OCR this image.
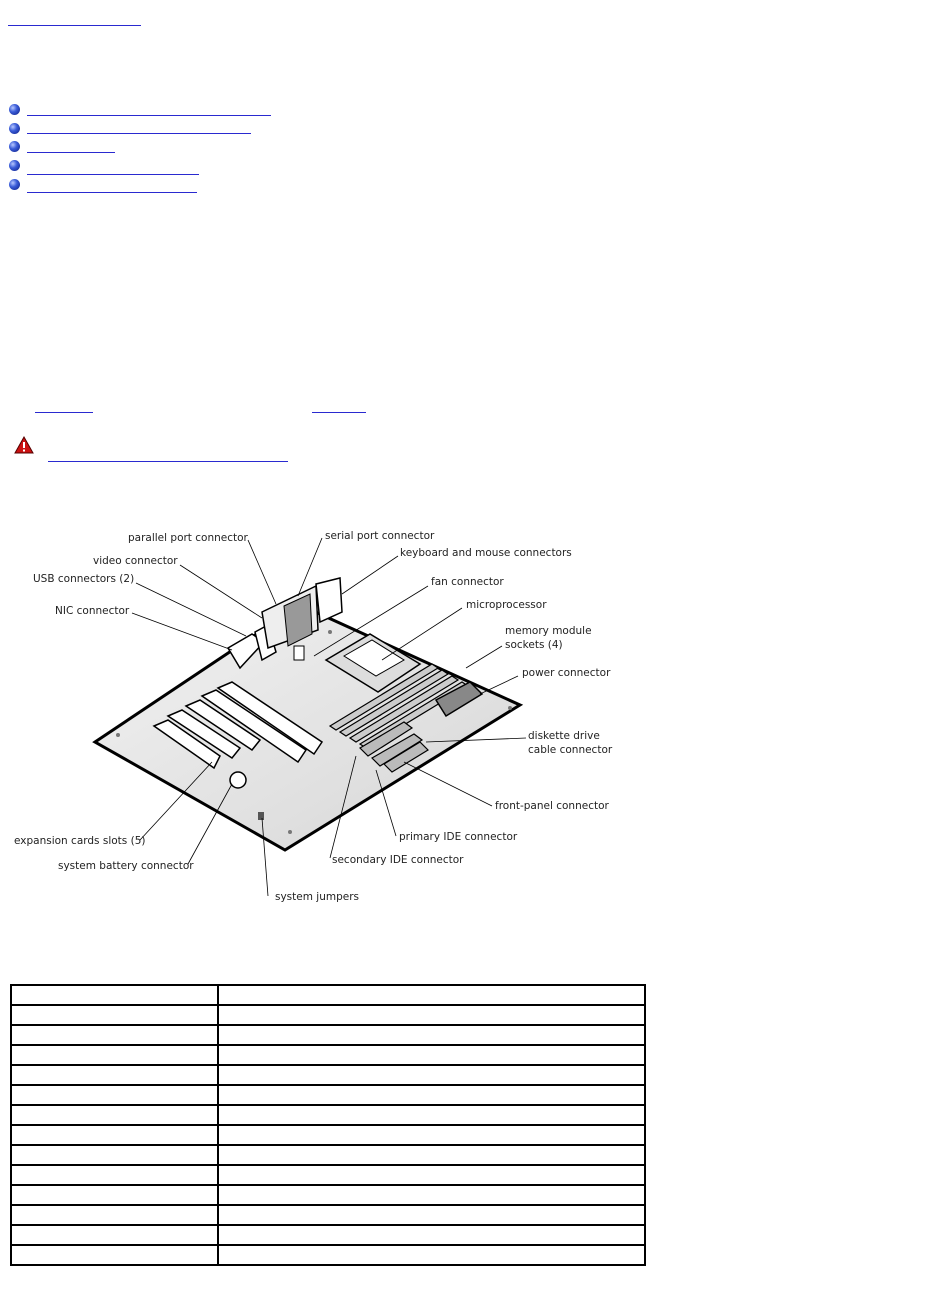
parallel port connector	serial port connector
video connector
keyboard and mouse connectors
USB connectors (2)	fan connector
NIC connector	microprocessor
memory module
sockets (4)
power connector
diskette drive
cable connector
front-panel connector
expansion cards slots (5)	primary IDE connector
system battery connector	secondary IDE connector
system jumpers
